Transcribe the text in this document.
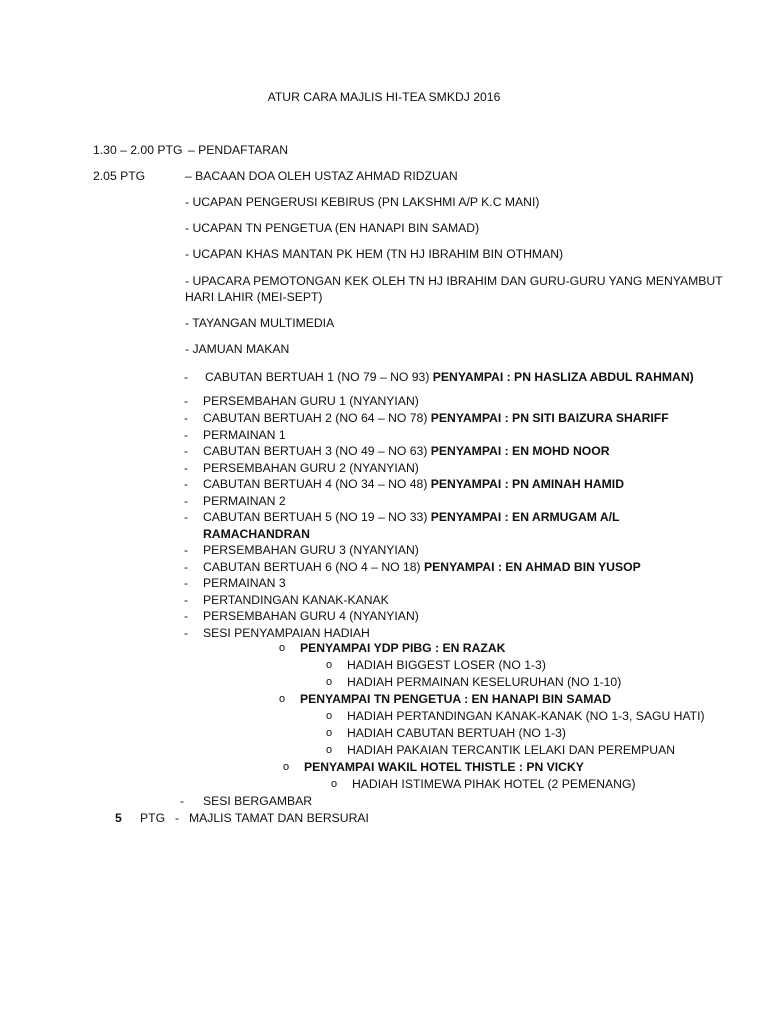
ATUR CARA MAJLIS HI-TEA SMKDJ 2016
1.30 – 2.00 PTG – PENDAFTARAN
2.05 PTG	– BACAAN DOA OLEH USTAZ AHMAD RIDZUAN
- UCAPAN PENGERUSI KEBIRUS (PN LAKSHMI A/P K.C MANI)
- UCAPAN TN PENGETUA (EN HANAPI BIN SAMAD)
- UCAPAN KHAS MANTAN PK HEM (TN HJ IBRAHIM BIN OTHMAN)
- UPACARA PEMOTONGAN KEK OLEH TN HJ IBRAHIM DAN GURU-GURU YANG MENYAMBUT
HARI LAHIR (MEI-SEPT)
- TAYANGAN MULTIMEDIA
- JAMUAN MAKAN
- CABUTAN BERTUAH 1 (NO 79 – NO 93) PENYAMPAI : PN HASLIZA ABDUL RAHMAN)
- PERSEMBAHAN GURU 1 (NYANYIAN)
- CABUTAN BERTUAH 2 (NO 64 – NO 78) PENYAMPAI : PN SITI BAIZURA SHARIFF
- PERMAINAN 1
- CABUTAN BERTUAH 3 (NO 49 – NO 63) PENYAMPAI : EN MOHD NOOR
- PERSEMBAHAN GURU 2 (NYANYIAN)
- CABUTAN BERTUAH 4 (NO 34 – NO 48) PENYAMPAI : PN AMINAH HAMID
- PERMAINAN 2
- CABUTAN BERTUAH 5 (NO 19 – NO 33) PENYAMPAI : EN ARMUGAM A/L
RAMACHANDRAN
- PERSEMBAHAN GURU 3 (NYANYIAN)
- CABUTAN BERTUAH 6 (NO 4 – NO 18) PENYAMPAI : EN AHMAD BIN YUSOP
- PERMAINAN 3
- PERTANDINGAN KANAK-KANAK
- PERSEMBAHAN GURU 4 (NYANYIAN)
- SESI PENYAMPAIAN HADIAH
o PENYAMPAI YDP PIBG : EN RAZAK
o HADIAH BIGGEST LOSER (NO 1-3)
o HADIAH PERMAINAN KESELURUHAN (NO 1-10)
o PENYAMPAI TN PENGETUA : EN HANAPI BIN SAMAD
o HADIAH PERTANDINGAN KANAK-KANAK (NO 1-3, SAGU HATI)
o HADIAH CABUTAN BERTUAH (NO 1-3)
o HADIAH PAKAIAN TERCANTIK LELAKI DAN PEREMPUAN
o PENYAMPAI WAKIL HOTEL THISTLE : PN VICKY
o HADIAH ISTIMEWA PIHAK HOTEL (2 PEMENANG)
- SESI BERGAMBAR
5 PTG - MAJLIS TAMAT DAN BERSURAI
